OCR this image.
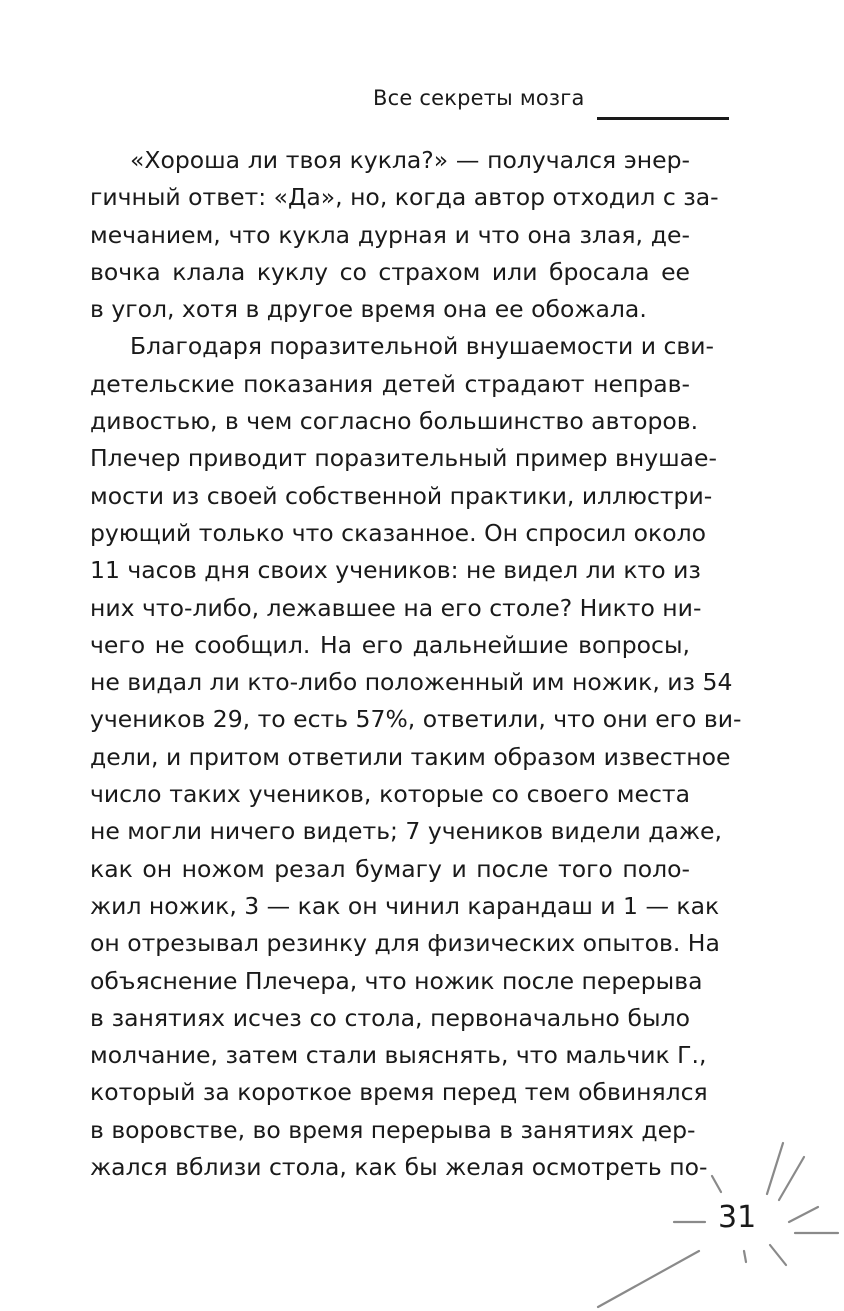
Все секреты мозга
«Хороша ли твоя кукла?» — получался энер-
гичный ответ: «Да», но, когда автор отходил с за-
мечанием, что кукла дурная и что она злая, де-
вочка клала куклу со страхом или бросала ее
в угол, хотя в другое время она ее обожала.
Благодаря поразительной внушаемости и сви-
детельские показания детей страдают неправ-
дивостью, в чем согласно большинство авторов.
Плечер приводит поразительный пример внушае-
мости из своей собственной практики, иллюстри-
рующий только что сказанное. Он спросил около
11 часов дня своих учеников: не видел ли кто из
них что-либо, лежавшее на его столе? Никто ни-
чего не сообщил. На его дальнейшие вопросы,
не видал ли кто-либо положенный им ножик, из 54
учеников 29, то есть 57%, ответили, что они его ви-
дели, и притом ответили таким образом известное
число таких учеников, которые со своего места
не могли ничего видеть; 7 учеников видели даже,
как он ножом резал бумагу и после того поло-
жил ножик, 3 — как он чинил карандаш и 1 — как
он отрезывал резинку для физических опытов. На
объяснение Плечера, что ножик после перерыва
в занятиях исчез со стола, первоначально было
молчание, затем стали выяснять, что мальчик Г.,
который за короткое время перед тем обвинялся
в воровстве, во время перерыва в занятиях дер-
жался вблизи стола, как бы желая осмотреть по-
31
